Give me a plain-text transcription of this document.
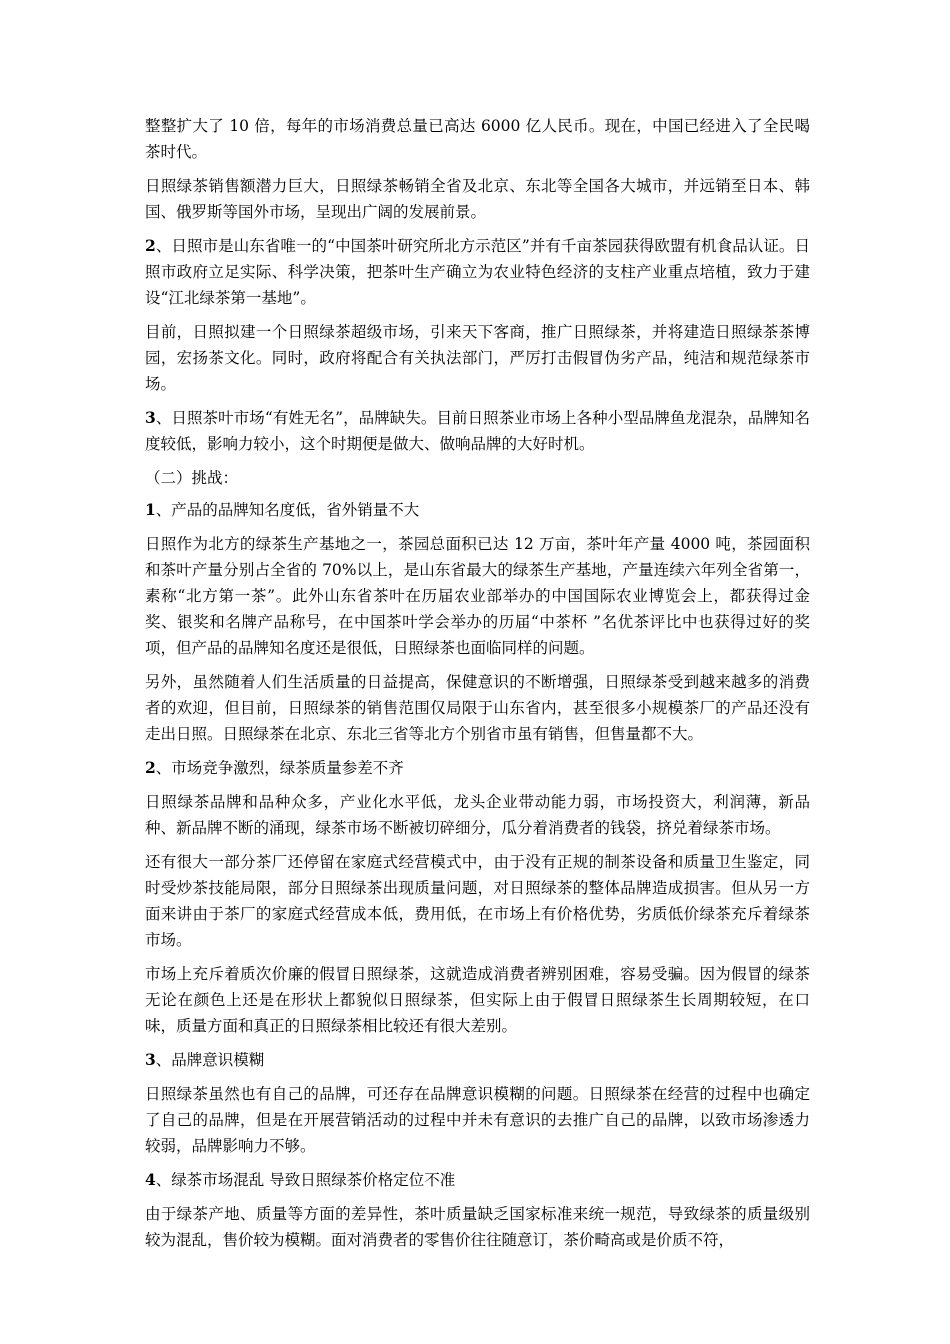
整整扩大了 10 倍，每年的市场消费总量已高达 6000 亿人民币。现在，中国已经进入了全民喝茶时代。

日照绿茶销售额潜力巨大，日照绿茶畅销全省及北京、东北等全国各大城市，并远销至日本、韩国、俄罗斯等国外市场，呈现出广阔的发展前景。

2、日照市是山东省唯一的“中国茶叶研究所北方示范区”并有千亩茶园获得欧盟有机食品认证。日照市政府立足实际、科学决策，把茶叶生产确立为农业特色经济的支柱产业重点培植，致力于建设“江北绿茶第一基地”。

目前，日照拟建一个日照绿茶超级市场，引来天下客商，推广日照绿茶，并将建造日照绿茶茶博园，宏扬茶文化。同时，政府将配合有关执法部门，严厉打击假冒伪劣产品，纯洁和规范绿茶市场。

3、日照茶叶市场“有姓无名”，品牌缺失。目前日照茶业市场上各种小型品牌鱼龙混杂，品牌知名度较低，影响力较小，这个时期便是做大、做响品牌的大好时机。

（二）挑战：

1、产品的品牌知名度低，省外销量不大

日照作为北方的绿茶生产基地之一，茶园总面积已达 12 万亩，茶叶年产量 4000 吨，茶园面积和茶叶产量分别占全省的 70%以上，是山东省最大的绿茶生产基地，产量连续六年列全省第一，素称“北方第一茶”。此外山东省茶叶在历届农业部举办的中国国际农业博览会上，都获得过金奖、银奖和名牌产品称号，在中国茶叶学会举办的历届“中茶杯 ”名优茶评比中也获得过好的奖项，但产品的品牌知名度还是很低，日照绿茶也面临同样的问题。

另外，虽然随着人们生活质量的日益提高，保健意识的不断增强，日照绿茶受到越来越多的消费者的欢迎，但目前，日照绿茶的销售范围仅局限于山东省内，甚至很多小规模茶厂的产品还没有走出日照。日照绿茶在北京、东北三省等北方个别省市虽有销售，但售量都不大。

2、市场竞争激烈，绿茶质量参差不齐

日照绿茶品牌和品种众多，产业化水平低，龙头企业带动能力弱，市场投资大，利润薄，新品种、新品牌不断的涌现，绿茶市场不断被切碎细分，瓜分着消费者的钱袋，挤兑着绿茶市场。

还有很大一部分茶厂还停留在家庭式经营模式中，由于没有正规的制茶设备和质量卫生鉴定，同时受炒茶技能局限，部分日照绿茶出现质量问题，对日照绿茶的整体品牌造成损害。但从另一方面来讲由于茶厂的家庭式经营成本低，费用低，在市场上有价格优势，劣质低价绿茶充斥着绿茶市场。

市场上充斥着质次价廉的假冒日照绿茶，这就造成消费者辨别困难，容易受骗。因为假冒的绿茶无论在颜色上还是在形状上都貌似日照绿茶，但实际上由于假冒日照绿茶生长周期较短，在口味，质量方面和真正的日照绿茶相比较还有很大差别。

3、品牌意识模糊

日照绿茶虽然也有自己的品牌，可还存在品牌意识模糊的问题。日照绿茶在经营的过程中也确定了自己的品牌，但是在开展营销活动的过程中并未有意识的去推广自己的品牌，以致市场渗透力较弱，品牌影响力不够。

4、绿茶市场混乱 导致日照绿茶价格定位不准

由于绿茶产地、质量等方面的差异性，茶叶质量缺乏国家标准来统一规范，导致绿茶的质量级别较为混乱，售价较为模糊。面对消费者的零售价往往随意订，茶价畸高或是价质不符，
